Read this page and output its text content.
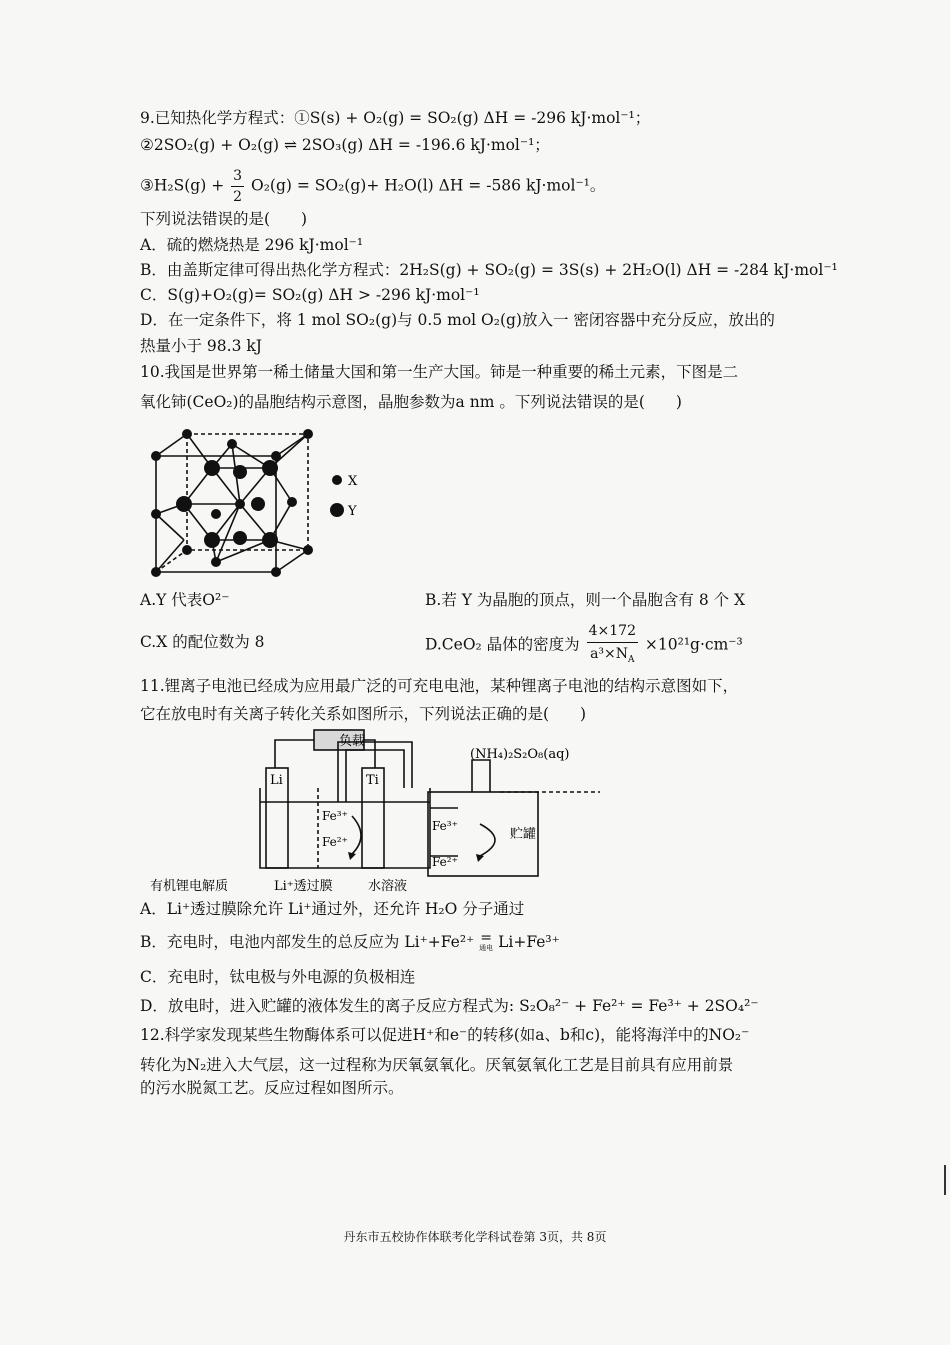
9.已知热化学方程式：①S(s) + O₂(g) = SO₂(g) ΔH = -296 kJ·mol⁻¹；
②2SO₂(g) + O₂(g) ⇌ 2SO₃(g) ΔH = -196.6 kJ·mol⁻¹；
③H₂S(g) + $\frac{3}{2} O_2(g) = SO_2(g)+ H_2O(l) \Delta H = -586$ kJ·mol⁻¹。
下列说法错误的是(　　)
A．硫的燃烧热是 296 kJ·mol⁻¹
B．由盖斯定律可得出热化学方程式：2H₂S(g) + SO₂(g) = 3S(s) + 2H₂O(l) ΔH = -284 kJ·mol⁻¹
C．S(g)+O₂(g)= SO₂(g) ΔH > -296 kJ·mol⁻¹
D．在一定条件下，将 1 mol SO₂(g)与 0.5 mol O₂(g)放入一 密闭容器中充分反应，放出的
热量小于 98.3 kJ
10.我国是世界第一稀土储量大国和第一生产大国。铈是一种重要的稀土元素，下图是二
氧化铈(CeO₂)的晶胞结构示意图，晶胞参数为a nm 。下列说法错误的是(　　)
X
Y
A.Y 代表O²⁻	B.若 Y 为晶胞的顶点，则一个晶胞含有 8 个 X
C.X 的配位数为 8	D.CeO₂ 晶体的密度为 $\frac{4\times 172}{a^3\times N_A} \times 10^{21}g\cdot cm^{-3}$
11.锂离子电池已经成为应用最广泛的可充电电池，某种锂离子电池的结构示意图如下，
它在放电时有关离子转化关系如图所示，下列说法正确的是(　　)
负载
Li	Ti
(NH₄)₂S₂O₈(aq)
Fe³⁺
Fe²⁺
Fe³⁺
Fe²⁺
贮罐
有机锂电解质	Li⁺透过膜	水溶液
A．Li⁺透过膜除允许 Li⁺通过外，还允许 H₂O 分子通过
B．充电时，电池内部发生的总反应为 Li⁺+Fe²⁺ =
通电 Li+Fe³⁺
C．充电时，钛电极与外电源的负极相连
D．放电时，进入贮罐的液体发生的离子反应方程式为: S₂O₈²⁻ + Fe²⁺ = Fe³⁺ + 2SO₄²⁻
12.科学家发现某些生物酶体系可以促进H⁺和e⁻的转移(如a、b和c)，能将海洋中的NO₂⁻
转化为N₂进入大气层，这一过程称为厌氧氨氧化。厌氧氨氧化工艺是目前具有应用前景
的污水脱氮工艺。反应过程如图所示。
丹东市五校协作体联考化学科试卷第 3页，共 8页
